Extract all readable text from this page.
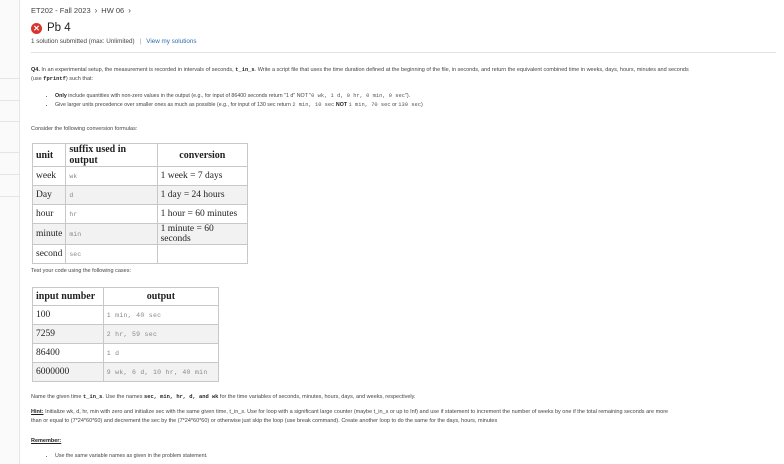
ET202 - Fall 2023 › HW 06 ›
✕ Pb 4
1 solution submitted (max: Unlimited) | View my solutions
Q4. In an experimental setup, the measurement is recorded in intervals of seconds, t_in_s. Write a script file that uses the time duration defined at the beginning of the file, in seconds, and return the equivalent combined time in weeks, days, hours, minutes and seconds
(use fprintf) such that:
• Only include quantities with non-zero values in the output (e.g., for input of 86400 seconds return "1 d" NOT "0 wk, 1 d, 0 hr, 0 min, 0 sec").
• Give larger units precedence over smaller ones as much as possible (e.g., for input of 130 sec return 2 min, 10 sec NOT 1 min, 70 sec or 130 sec)
Consider the following conversion formulas:
unit	suffix used in output	conversion
week	wk	1 week = 7 days
Day	d	1 day = 24 hours
hour	hr	1 hour = 60 minutes
minute	min	1 minute = 60 seconds
second	sec	
Test your code using the following cases:
input number	output
100	1 min, 40 sec
7259	2 hr, 59 sec
86400	1 d
6000000	9 wk, 6 d, 10 hr, 40 min
Name the given time t_in_s. Use the names sec, min, hr, d, and wk for the time variables of seconds, minutes, hours, days, and weeks, respectively.
Hint: Initialize wk, d, hr, min with zero and initialize sec with the same given time, t_in_s. Use for loop with a significant large counter (maybe t_in_s or up to Inf) and use if statement to increment the number of weeks by one if the total remaining seconds are more
than or equal to (7*24*60*60) and decrement the sec by the (7*24*60*60) or otherwise just skip the loop (use break command). Create another loop to do the same for the days, hours, minutes
Remember:
• Use the same variable names as given in the problem statement.
